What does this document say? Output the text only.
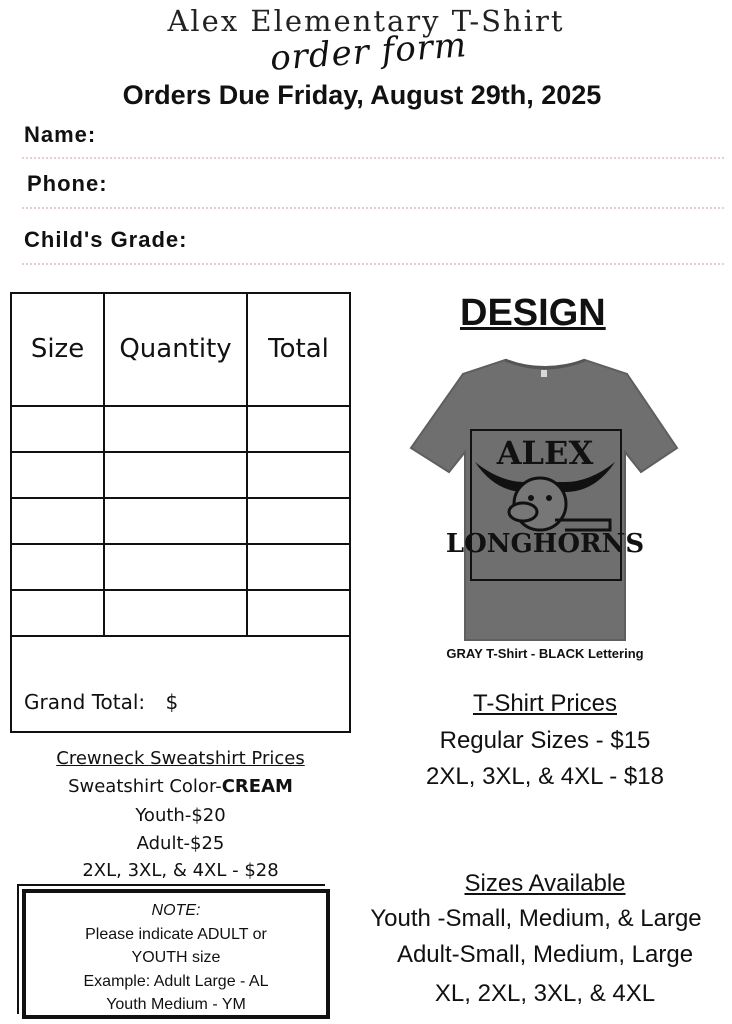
Alex Elementary T-Shirt
order form
Orders Due Friday, August 29th, 2025
Name:
Phone:
Child's Grade:
Size	Quantity	Total
Grand Total: $
Crewneck Sweatshirt Prices
Sweatshirt Color-CREAM
Youth-$20
Adult-$25
2XL, 3XL, & 4XL - $28
NOTE:
Please indicate ADULT or
YOUTH size
Example: Adult Large - AL
Youth Medium - YM
DESIGN
ALEX
LONGHORNS
GRAY T-Shirt - BLACK Lettering
T-Shirt Prices
Regular Sizes - $15
2XL, 3XL, & 4XL - $18
Sizes Available
Youth -Small, Medium, & Large
Adult-Small, Medium, Large
XL, 2XL, 3XL, & 4XL
